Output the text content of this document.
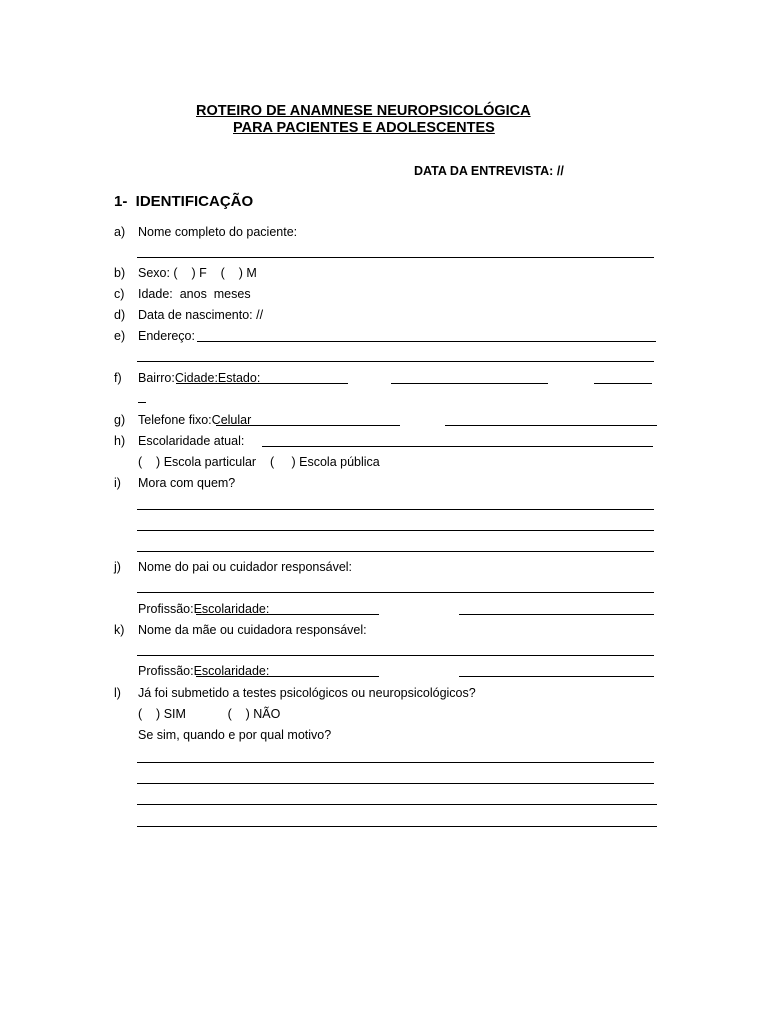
ROTEIRO DE ANAMNESE NEUROPSICOLÓGICA
PARA PACIENTES E ADOLESCENTES
DATA DA ENTREVISTA: //
1-  IDENTIFICAÇÃO
a) Nome completo do paciente:
b) Sexo: (    ) F    (    ) M
c) Idade:  anos  meses
d) Data de nascimento: //
e) Endereço:
f) Bairro:Cidade:Estado:
g) Telefone fixo:Celular
h) Escolaridade atual:
(    ) Escola particular    (     ) Escola pública
i) Mora com quem?
j) Nome do pai ou cuidador responsável:
Profissão:Escolaridade:
k) Nome da mãe ou cuidadora responsável:
Profissão:Escolaridade:
l) Já foi submetido a testes psicológicos ou neuropsicológicos?
(    ) SIM            (    ) NÃO
Se sim, quando e por qual motivo?
